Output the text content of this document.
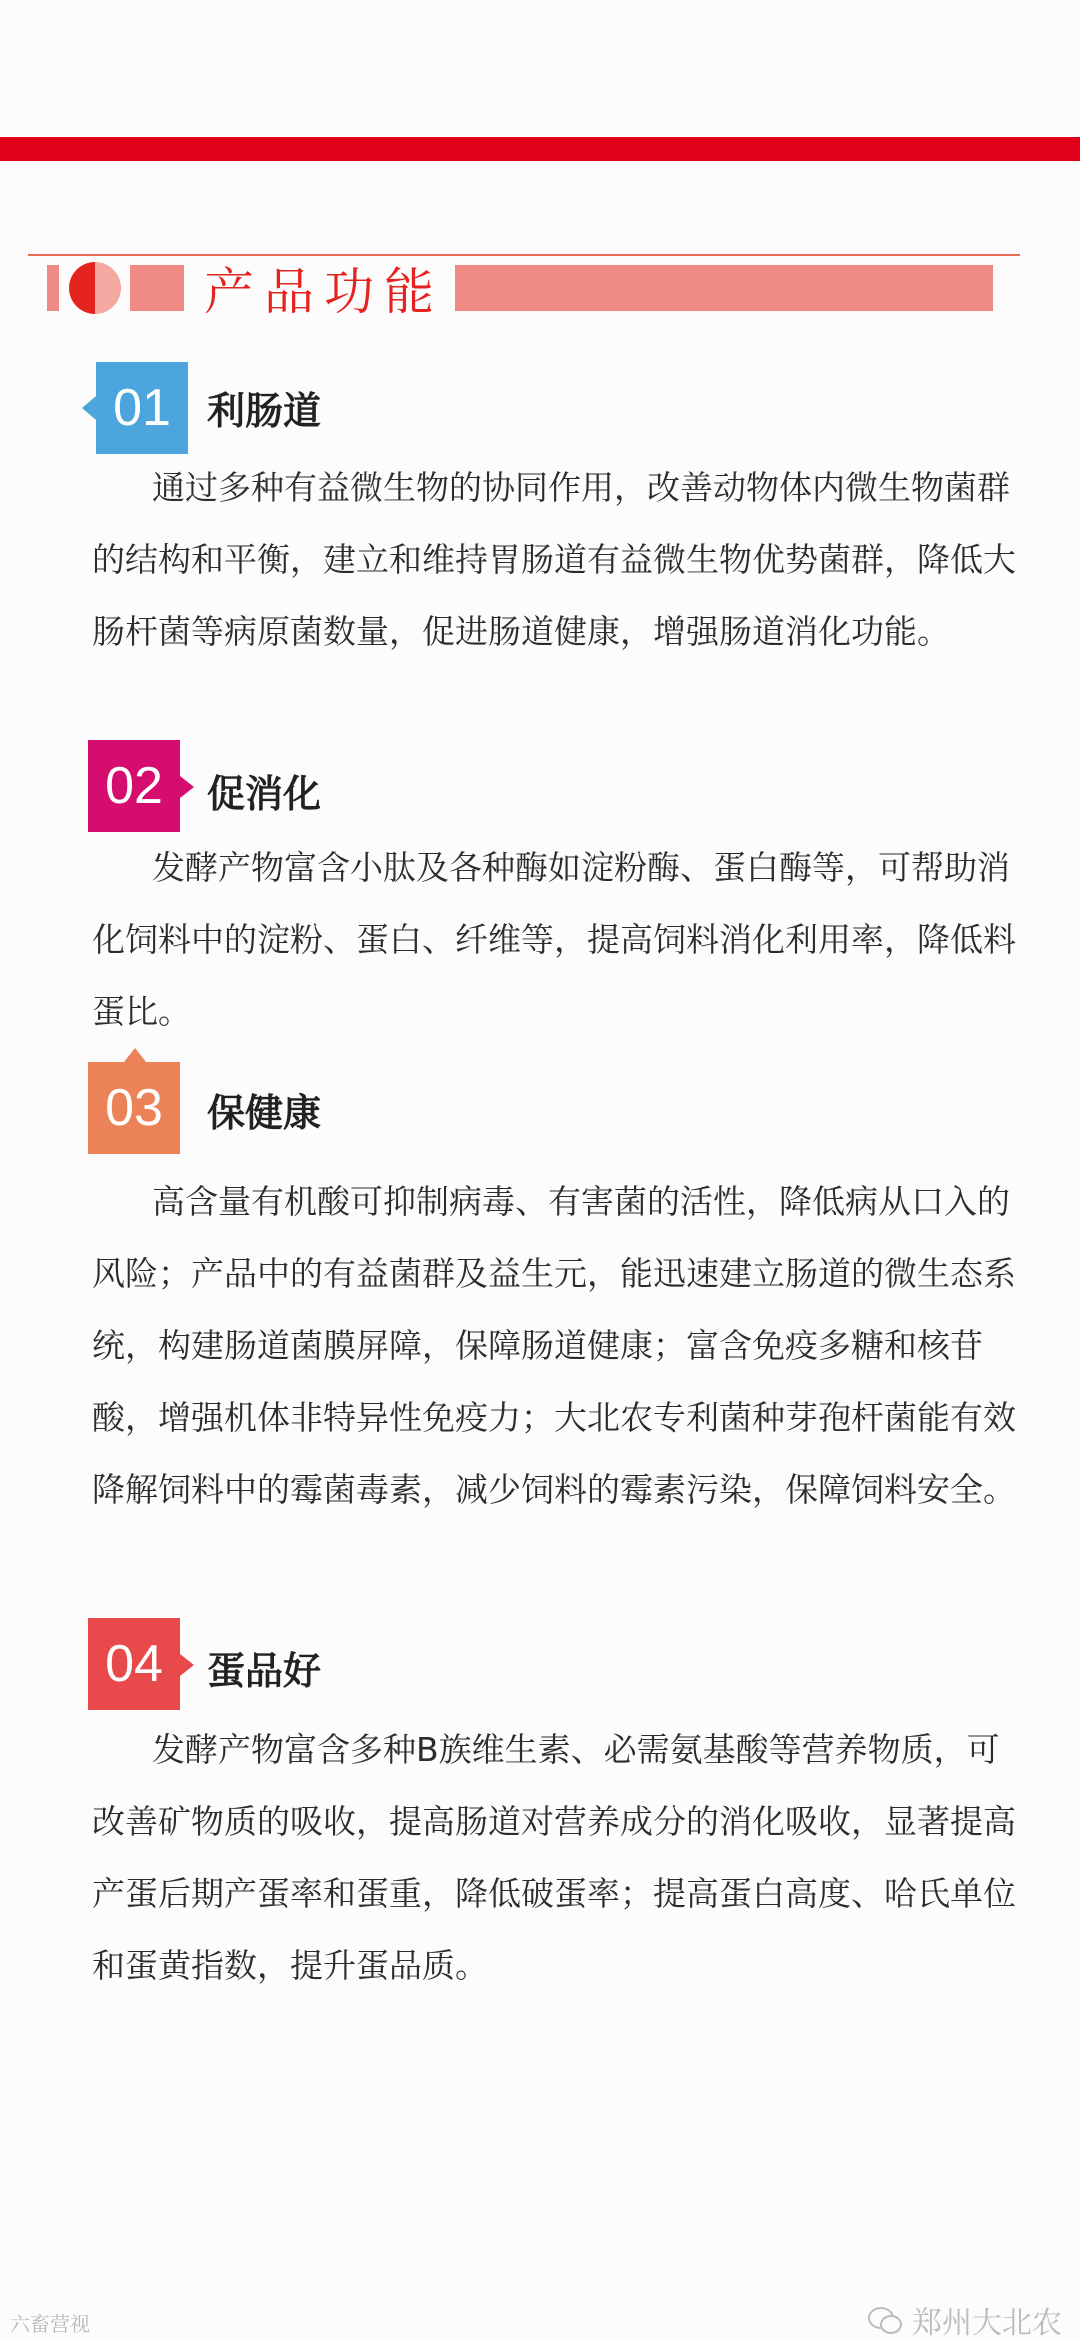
产品功能
01 利肠道
通过多种有益微生物的协同作用，改善动物体内微生物菌群的结构和平衡，建立和维持胃肠道有益微生物优势菌群，降低大肠杆菌等病原菌数量，促进肠道健康，增强肠道消化功能。
02 促消化
发酵产物富含小肽及各种酶如淀粉酶、蛋白酶等，可帮助消化饲料中的淀粉、蛋白、纤维等，提高饲料消化利用率，降低料蛋比。
03 保健康
高含量有机酸可抑制病毒、有害菌的活性，降低病从口入的风险；产品中的有益菌群及益生元，能迅速建立肠道的微生态系统，构建肠道菌膜屏障，保障肠道健康；富含免疫多糖和核苷酸，增强机体非特异性免疫力；大北农专利菌种芽孢杆菌能有效降解饲料中的霉菌毒素，减少饲料的霉素污染，保障饲料安全。
04 蛋品好
发酵产物富含多种B族维生素、必需氨基酸等营养物质，可改善矿物质的吸收，提高肠道对营养成分的消化吸收，显著提高产蛋后期产蛋率和蛋重，降低破蛋率；提高蛋白高度、哈氏单位和蛋黄指数，提升蛋品质。
六畜营视	郑州大北农
